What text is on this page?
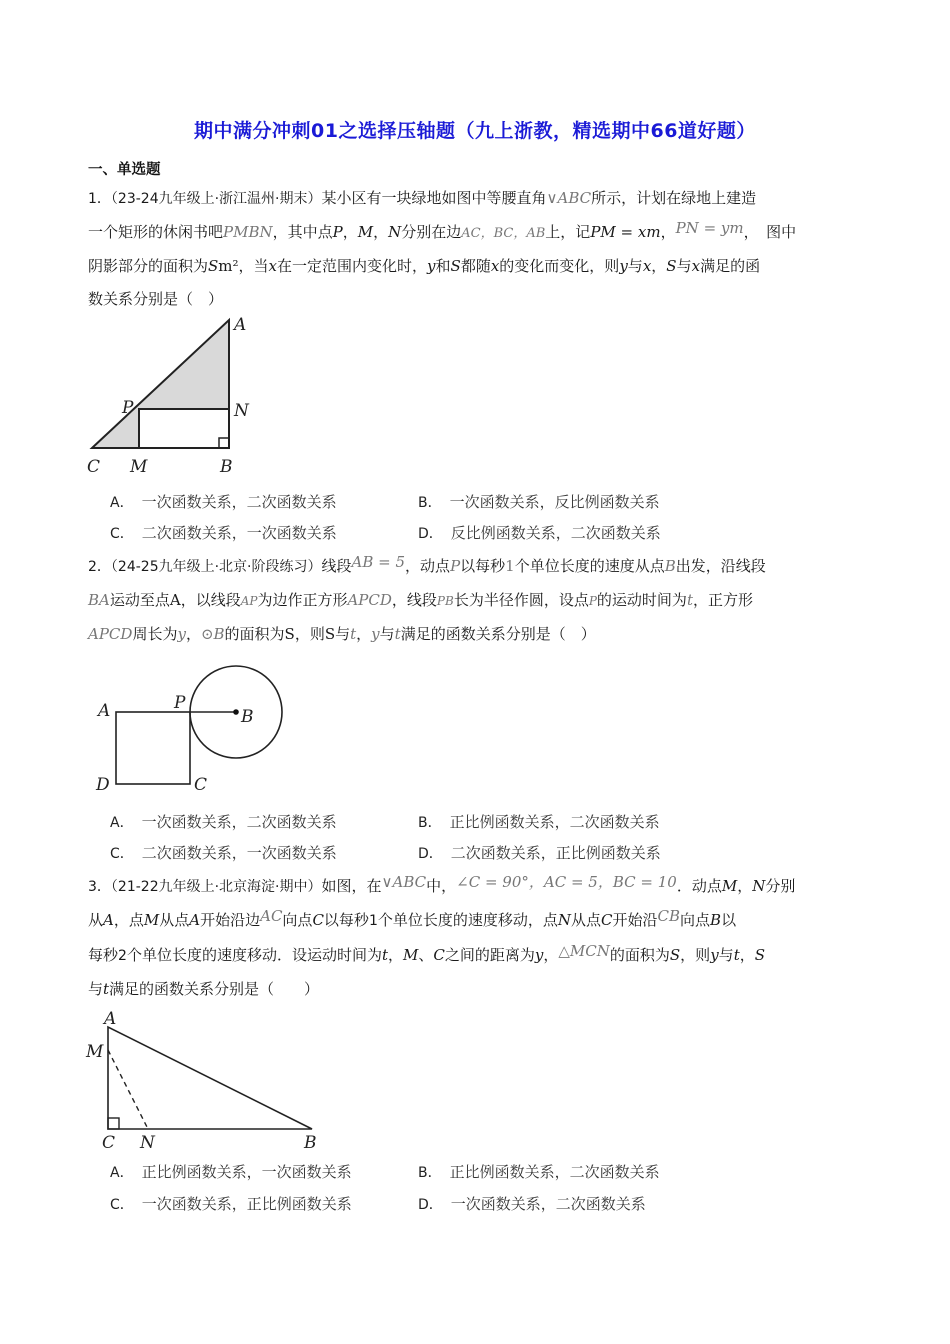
期中满分冲刺01之选择压轴题（九上浙教，精选期中66道好题）
一、单选题
1．（23-24九年级上·浙江温州·期末）某小区有一块绿地如图中等腰直角∨ABC所示，计划在绿地上建造
一个矩形的休闲书吧PMBN，其中点P，M，N分别在边AC，BC，AB上，记PM = xm，PN = ym，　图中
阴影部分的面积为Sm²，当x在一定范围内变化时，y和S都随x的变化而变化，则y与x，S与x满足的函
数关系分别是（　）
A
P	N
C M	B
A． 一次函数关系，二次函数关系	B． 一次函数关系，反比例函数关系
C． 二次函数关系，一次函数关系	D． 反比例函数关系，二次函数关系
2．（24-25九年级上·北京·阶段练习）线段AB = 5，动点P以每秒1个单位长度的速度从点B出发，沿线段
BA运动至点A，以线段AP为边作正方形APCD，线段PB长为半径作圆，设点P的运动时间为t，正方形
APCD周长为y，⊙B的面积为S，则S与t，y与t满足的函数关系分别是（　）
A	P
B
D	C
A． 一次函数关系，二次函数关系	B． 正比例函数关系，二次函数关系
C． 二次函数关系，一次函数关系	D． 二次函数关系，正比例函数关系
3．（21-22九年级上·北京海淀·期中）如图，在∨ABC中，∠C = 90°，AC = 5，BC = 10．动点M，N分别
从A，点M从点A开始沿边AC向点C以每秒1个单位长度的速度移动，点N从点C开始沿CB向点B以
每秒2个单位长度的速度移动．设运动时间为t，M、C之间的距离为y，△MCN的面积为S，则y与t，S
与t满足的函数关系分别是（　　）
A
M
C N	B
A． 正比例函数关系，一次函数关系	B． 正比例函数关系，二次函数关系
C． 一次函数关系，正比例函数关系	D． 一次函数关系，二次函数关系
